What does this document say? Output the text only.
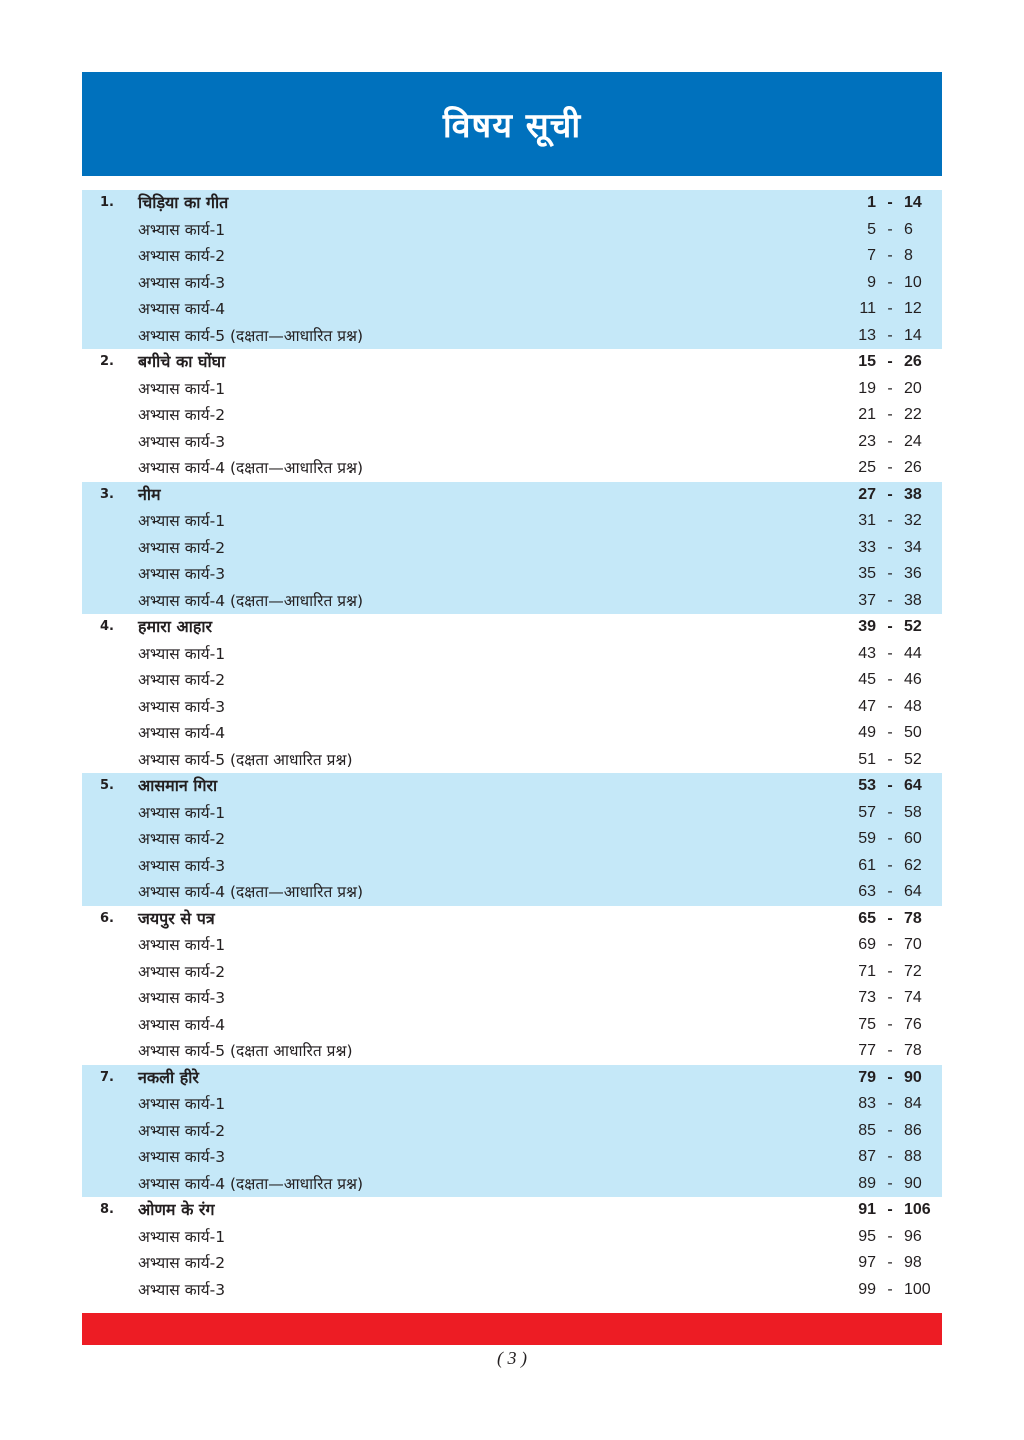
विषय सूची
1. चिड़िया का गीत	1 - 14
अभ्यास कार्य-1	5 - 6
अभ्यास कार्य-2	7 - 8
अभ्यास कार्य-3	9 - 10
अभ्यास कार्य-4	11 - 12
अभ्यास कार्य-5 (दक्षता—आधारित प्रश्न)	13 - 14
2. बगीचे का घोंघा	15 - 26
अभ्यास कार्य-1	19 - 20
अभ्यास कार्य-2	21 - 22
अभ्यास कार्य-3	23 - 24
अभ्यास कार्य-4 (दक्षता—आधारित प्रश्न)	25 - 26
3. नीम	27 - 38
अभ्यास कार्य-1	31 - 32
अभ्यास कार्य-2	33 - 34
अभ्यास कार्य-3	35 - 36
अभ्यास कार्य-4 (दक्षता—आधारित प्रश्न)	37 - 38
4. हमारा आहार	39 - 52
अभ्यास कार्य-1	43 - 44
अभ्यास कार्य-2	45 - 46
अभ्यास कार्य-3	47 - 48
अभ्यास कार्य-4	49 - 50
अभ्यास कार्य-5 (दक्षता आधारित प्रश्न)	51 - 52
5. आसमान गिरा	53 - 64
अभ्यास कार्य-1	57 - 58
अभ्यास कार्य-2	59 - 60
अभ्यास कार्य-3	61 - 62
अभ्यास कार्य-4 (दक्षता—आधारित प्रश्न)	63 - 64
6. जयपुर से पत्र	65 - 78
अभ्यास कार्य-1	69 - 70
अभ्यास कार्य-2	71 - 72
अभ्यास कार्य-3	73 - 74
अभ्यास कार्य-4	75 - 76
अभ्यास कार्य-5 (दक्षता आधारित प्रश्न)	77 - 78
7. नकली हीरे	79 - 90
अभ्यास कार्य-1	83 - 84
अभ्यास कार्य-2	85 - 86
अभ्यास कार्य-3	87 - 88
अभ्यास कार्य-4 (दक्षता—आधारित प्रश्न)	89 - 90
8. ओणम के रंग	91 - 106
अभ्यास कार्य-1	95 - 96
अभ्यास कार्य-2	97 - 98
अभ्यास कार्य-3	99 - 100
( 3 )
